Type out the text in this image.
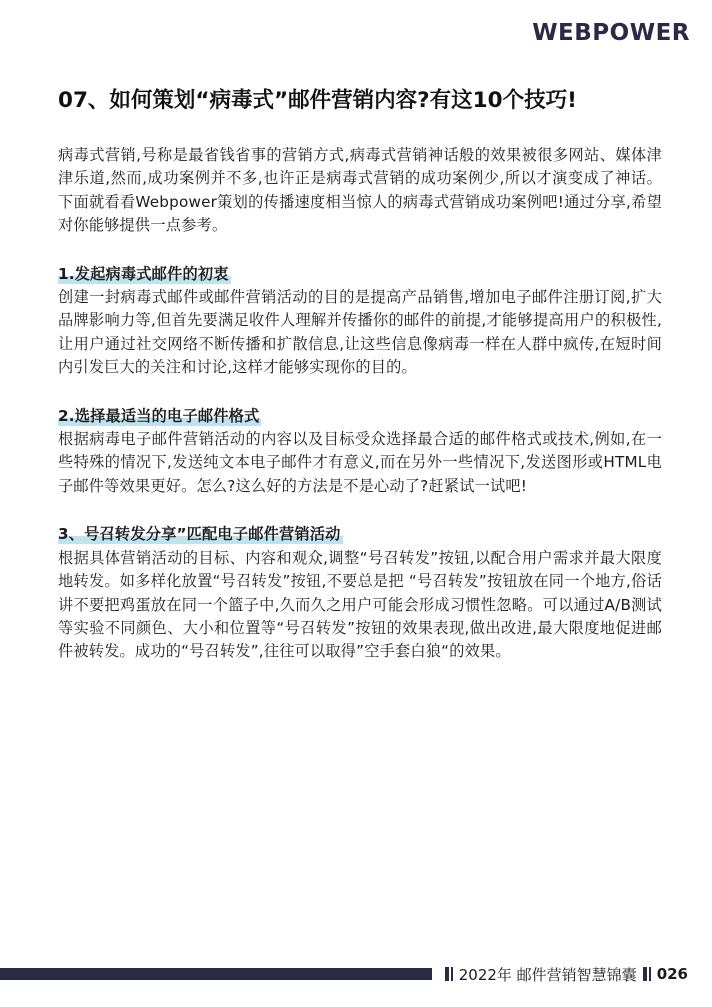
WEBPOWER
07、如何策划“病毒式”邮件营销内容?有这10个技巧!

病毒式营销,号称是最省钱省事的营销方式,病毒式营销神话般的效果被很多网站、媒体津津乐道,然而,成功案例并不多,也许正是病毒式营销的成功案例少,所以才演变成了神话。下面就看看Webpower策划的传播速度相当惊人的病毒式营销成功案例吧!通过分享,希望对你能够提供一点参考。

1.发起病毒式邮件的初衷

创建一封病毒式邮件或邮件营销活动的目的是提高产品销售,增加电子邮件注册订阅,扩大品牌影响力等,但首先要满足收件人理解并传播你的邮件的前提,才能够提高用户的积极性,让用户通过社交网络不断传播和扩散信息,让这些信息像病毒一样在人群中疯传,在短时间内引发巨大的关注和讨论,这样才能够实现你的目的。

2.选择最适当的电子邮件格式

根据病毒电子邮件营销活动的内容以及目标受众选择最合适的邮件格式或技术,例如,在一些特殊的情况下,发送纯文本电子邮件才有意义,而在另外一些情况下,发送图形或HTML电子邮件等效果更好。怎么?这么好的方法是不是心动了?赶紧试一试吧!

3、号召转发分享”匹配电子邮件营销活动

根据具体营销活动的目标、内容和观众,调整“号召转发”按钮,以配合用户需求并最大限度地转发。如多样化放置“号召转发”按钮,不要总是把 “号召转发”按钮放在同一个地方,俗话讲不要把鸡蛋放在同一个篮子中,久而久之用户可能会形成习惯性忽略。可以通过A/B测试等实验不同颜色、大小和位置等“号召转发”按钮的效果表现,做出改进,最大限度地促进邮件被转发。成功的“号召转发”,往往可以取得”空手套白狼“的效果。

2022年 邮件营销智慧锦囊 026
